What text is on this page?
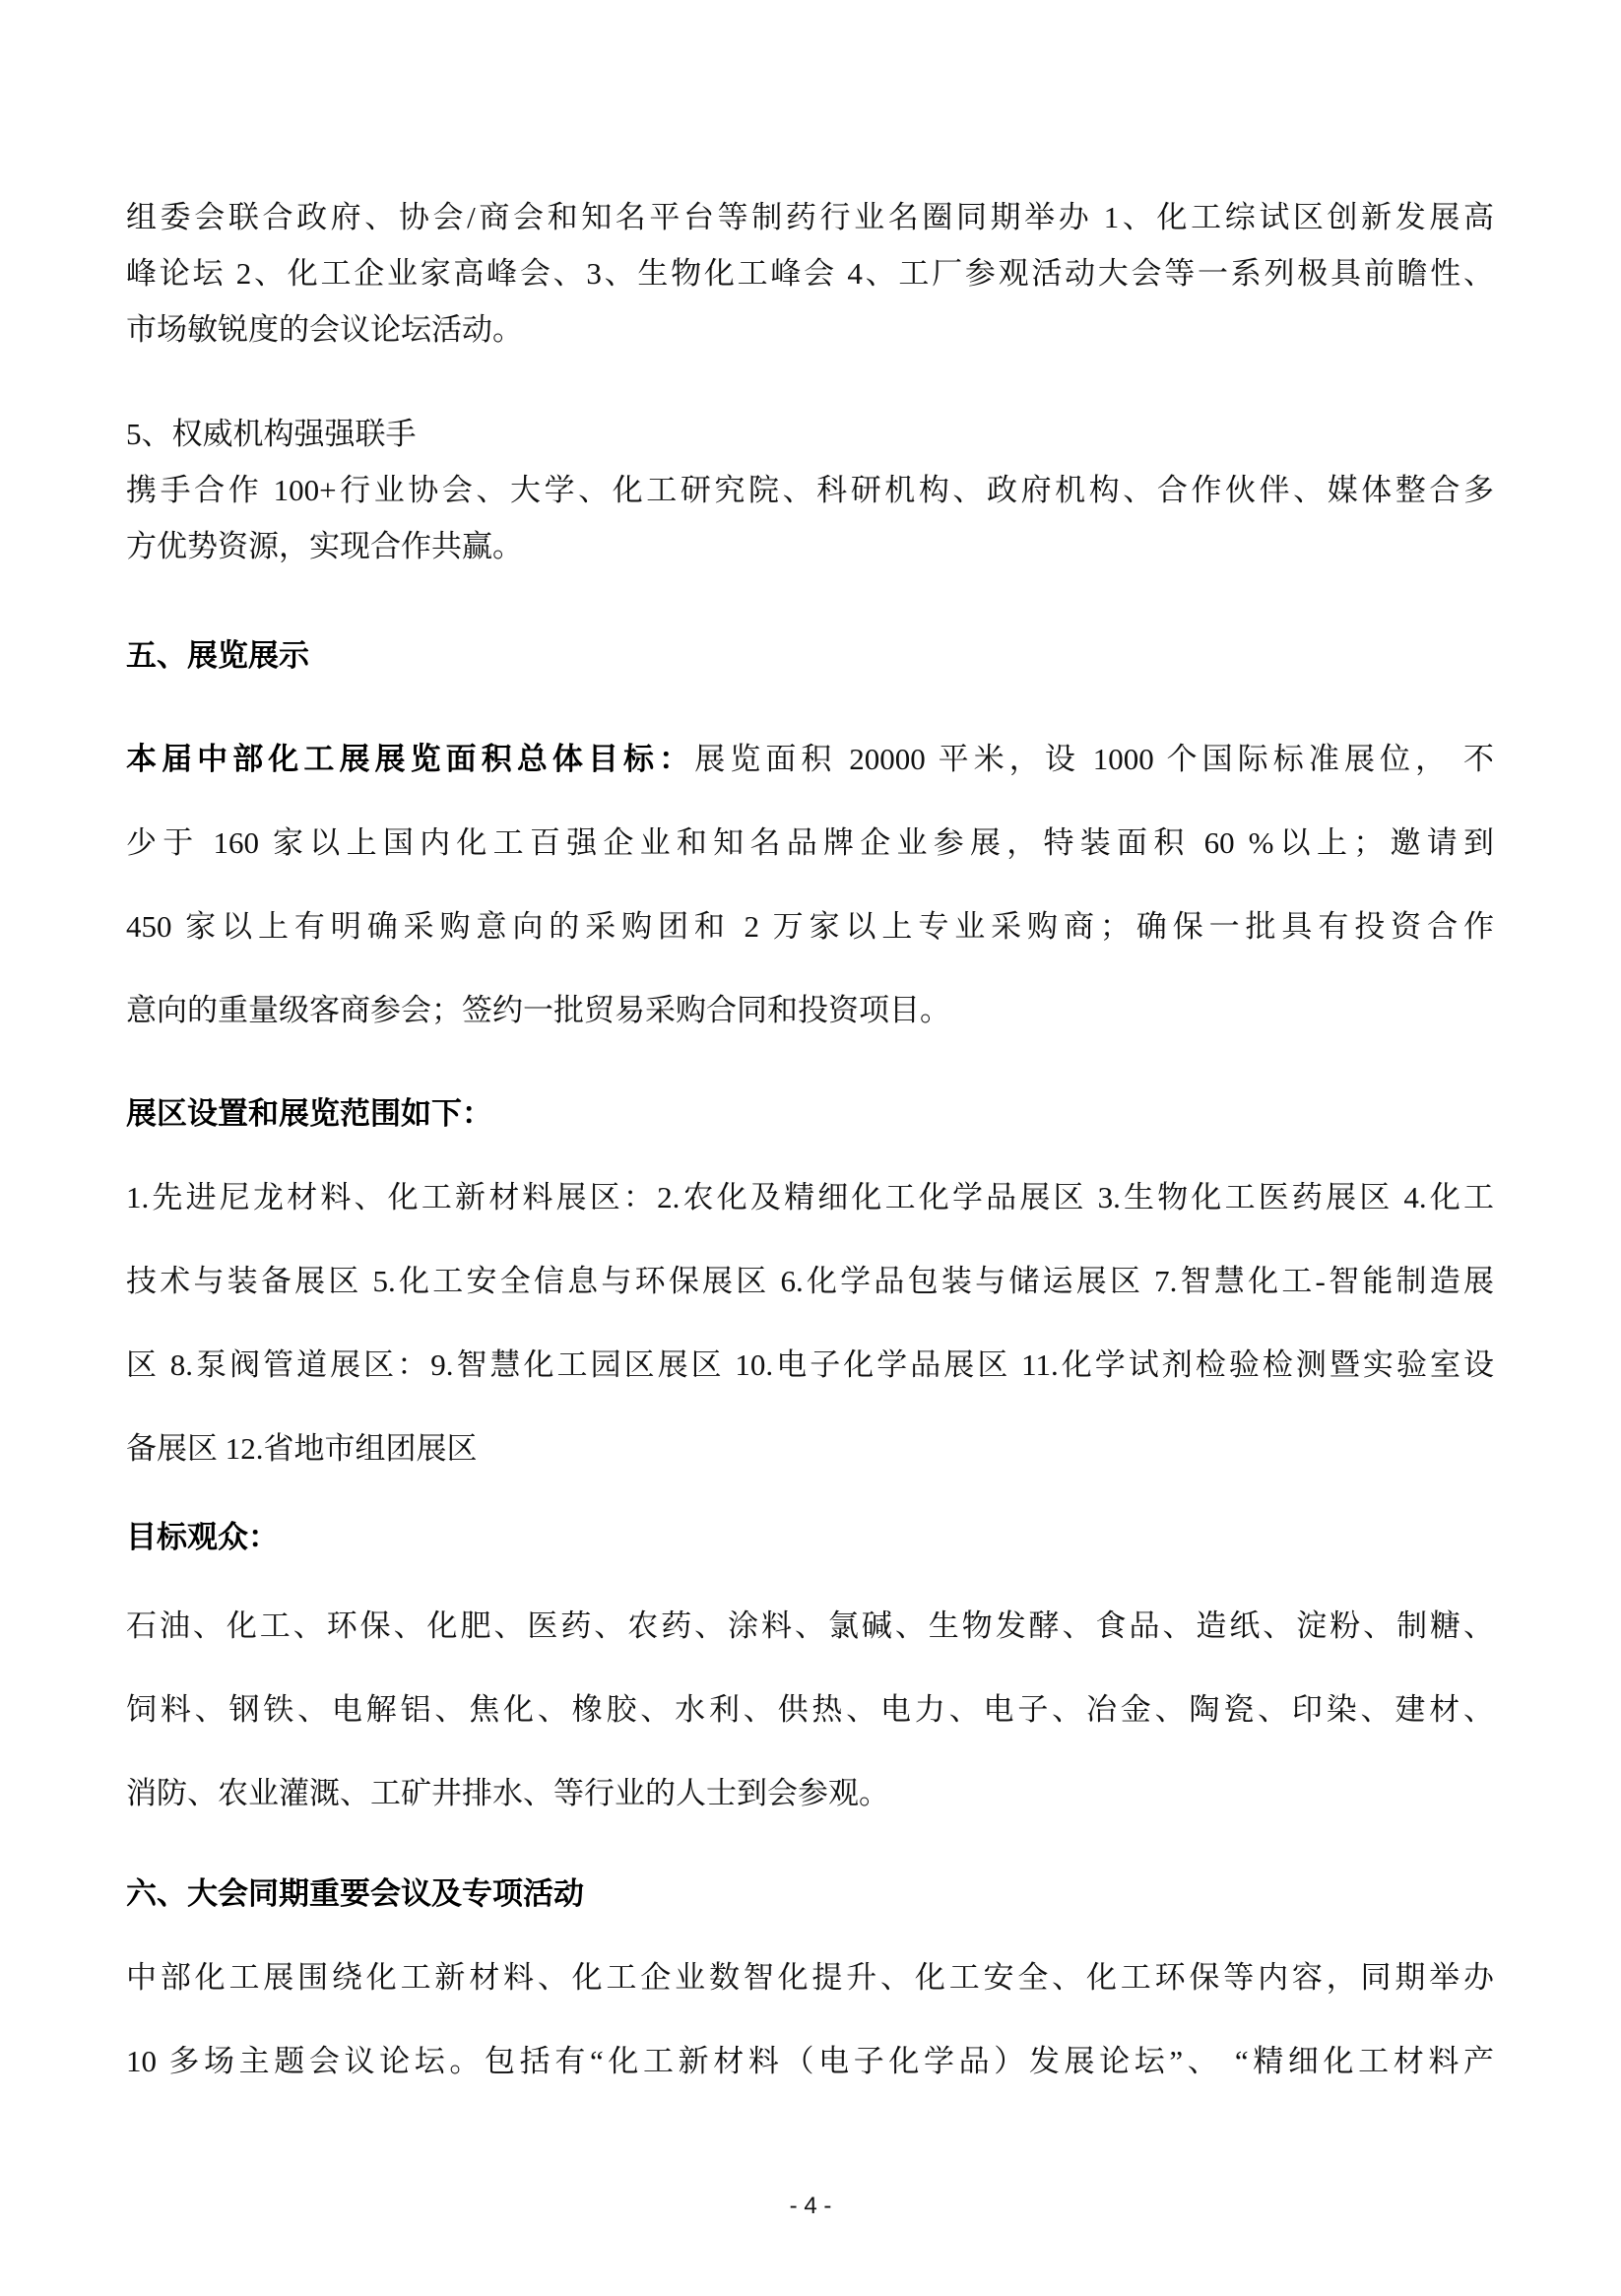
组委会联合政府、协会/商会和知名平台等制药行业名圈同期举办 1、化工综试区创新发展高
峰论坛 2、化工企业家高峰会、3、生物化工峰会 4、工厂参观活动大会等一系列极具前瞻性、
市场敏锐度的会议论坛活动。
5、权威机构强强联手
携手合作 100+行业协会、大学、化工研究院、科研机构、政府机构、合作伙伴、媒体整合多
方优势资源，实现合作共赢。
五、展览展示
本届中部化工展展览面积总体目标：展览面积 20000 平米，设 1000 个国际标准展位， 不
少于 160 家以上国内化工百强企业和知名品牌企业参展，特装面积 60 %以上；邀请到
450 家以上有明确采购意向的采购团和 2 万家以上专业采购商；确保一批具有投资合作
意向的重量级客商参会；签约一批贸易采购合同和投资项目。
展区设置和展览范围如下：
1.先进尼龙材料、化工新材料展区：2.农化及精细化工化学品展区 3.生物化工医药展区 4.化工
技术与装备展区 5.化工安全信息与环保展区 6.化学品包装与储运展区 7.智慧化工-智能制造展
区 8.泵阀管道展区：9.智慧化工园区展区 10.电子化学品展区 11.化学试剂检验检测暨实验室设
备展区 12.省地市组团展区
目标观众：
石油、化工、环保、化肥、医药、农药、涂料、氯碱、生物发酵、食品、造纸、淀粉、制糖、
饲料、钢铁、电解铝、焦化、橡胶、水利、供热、电力、电子、冶金、陶瓷、印染、建材、
消防、农业灌溉、工矿井排水、等行业的人士到会参观。
六、大会同期重要会议及专项活动
中部化工展围绕化工新材料、化工企业数智化提升、化工安全、化工环保等内容，同期举办
10 多场主题会议论坛。包括有“化工新材料（电子化学品）发展论坛”、 “精细化工材料产
- 4 -
